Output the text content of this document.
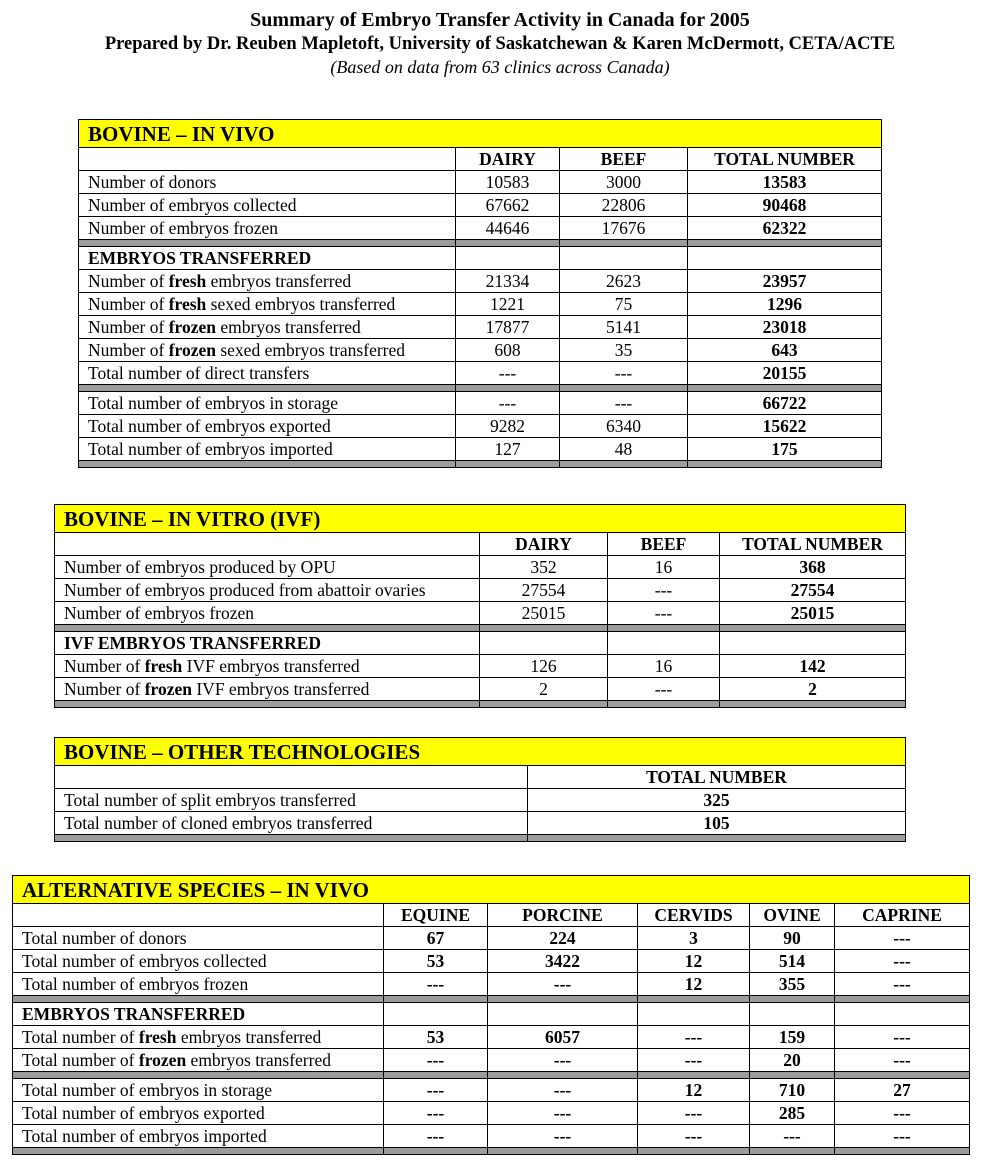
Summary of Embryo Transfer Activity in Canada for 2005
Prepared by Dr. Reuben Mapletoft, University of Saskatchewan & Karen McDermott, CETA/ACTE
(Based on data from 63 clinics across Canada)
BOVINE – IN VIVO			
	DAIRY	BEEF	TOTAL NUMBER
Number of donors	10583	3000	13583
Number of embryos collected	67662	22806	90468
Number of embryos frozen	44646	17676	62322

EMBRYOS TRANSFERRED			
Number of fresh embryos transferred	21334	2623	23957
Number of fresh sexed embryos transferred	1221	75	1296
Number of frozen embryos transferred	17877	5141	23018
Number of frozen sexed embryos transferred	608	35	643
Total number of direct transfers	---	---	20155

Total number of embryos in storage	---	---	66722
Total number of embryos exported	9282	6340	15622
Total number of embryos imported	127	48	175

BOVINE – IN VITRO (IVF)			
	DAIRY	BEEF	TOTAL NUMBER
Number of embryos produced by OPU	352	16	368
Number of embryos produced from abattoir ovaries	27554	---	27554
Number of embryos frozen	25015	---	25015

IVF EMBRYOS TRANSFERRED			
Number of fresh IVF embryos transferred	126	16	142
Number of frozen IVF embryos transferred	2	---	2

BOVINE – OTHER TECHNOLOGIES	
	TOTAL NUMBER
Total number of split embryos transferred	325
Total number of cloned embryos transferred	105

ALTERNATIVE SPECIES – IN VIVO					
	EQUINE	PORCINE	CERVIDS	OVINE	CAPRINE
Total number of donors	67	224	3	90	---
Total number of embryos collected	53	3422	12	514	---
Total number of embryos frozen	---	---	12	355	---

EMBRYOS TRANSFERRED					
Total number of fresh embryos transferred	53	6057	---	159	---
Total number of frozen embryos transferred	---	---	---	20	---

Total number of embryos in storage	---	---	12	710	27
Total number of embryos exported	---	---	---	285	---
Total number of embryos imported	---	---	---	---	---
